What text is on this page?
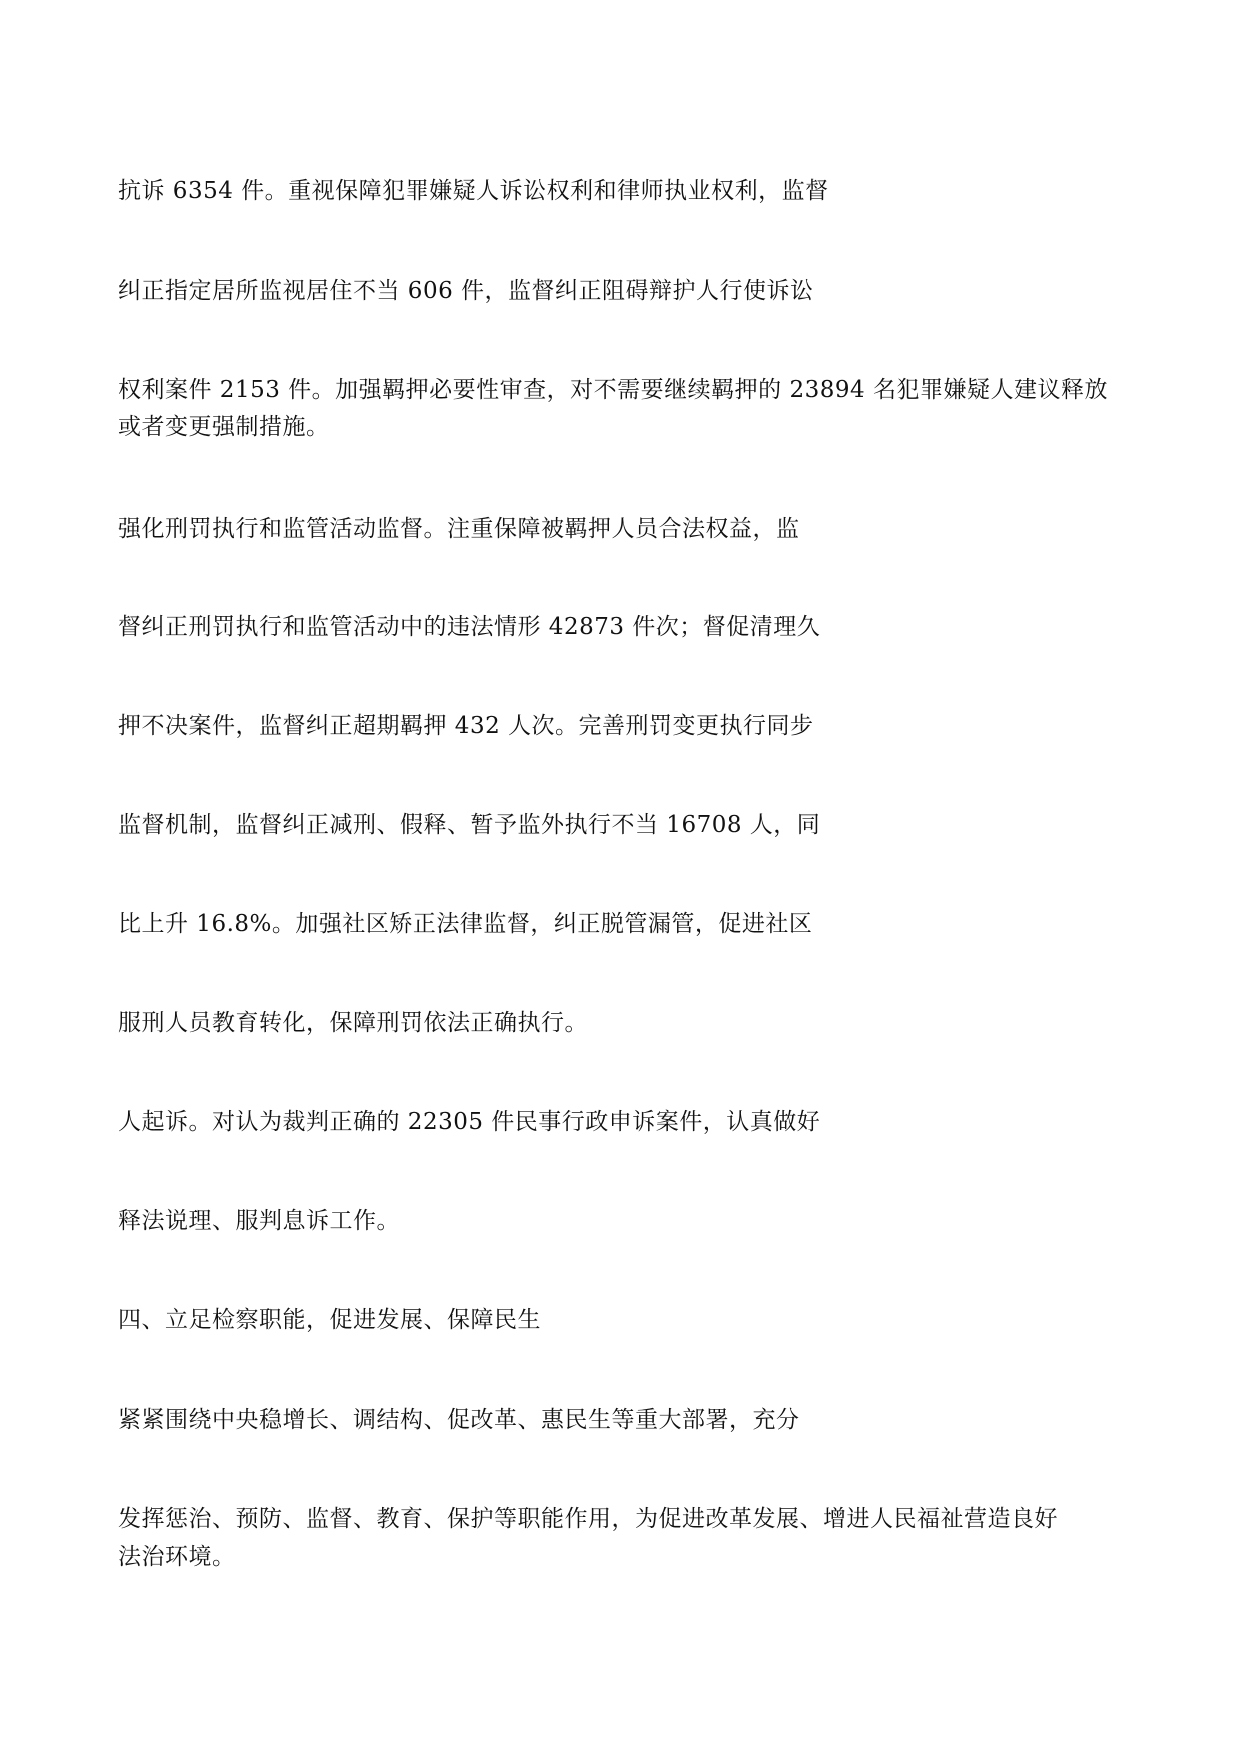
抗诉 6354 件。重视保障犯罪嫌疑人诉讼权利和律师执业权利，监督

纠正指定居所监视居住不当 606 件，监督纠正阻碍辩护人行使诉讼

权利案件 2153 件。加强羁押必要性审查，对不需要继续羁押的 23894 名犯罪嫌疑人建议释放

或者变更强制措施。

强化刑罚执行和监管活动监督。注重保障被羁押人员合法权益，监

督纠正刑罚执行和监管活动中的违法情形 42873 件次；督促清理久

押不决案件，监督纠正超期羁押 432 人次。完善刑罚变更执行同步

监督机制，监督纠正减刑、假释、暂予监外执行不当 16708 人，同

比上升 16.8%。加强社区矫正法律监督，纠正脱管漏管，促进社区

服刑人员教育转化，保障刑罚依法正确执行。

人起诉。对认为裁判正确的 22305 件民事行政申诉案件，认真做好

释法说理、服判息诉工作。

四、立足检察职能，促进发展、保障民生

紧紧围绕中央稳增长、调结构、促改革、惠民生等重大部署，充分

发挥惩治、预防、监督、教育、保护等职能作用，为促进改革发展、增进人民福祉营造良好

法治环境。
